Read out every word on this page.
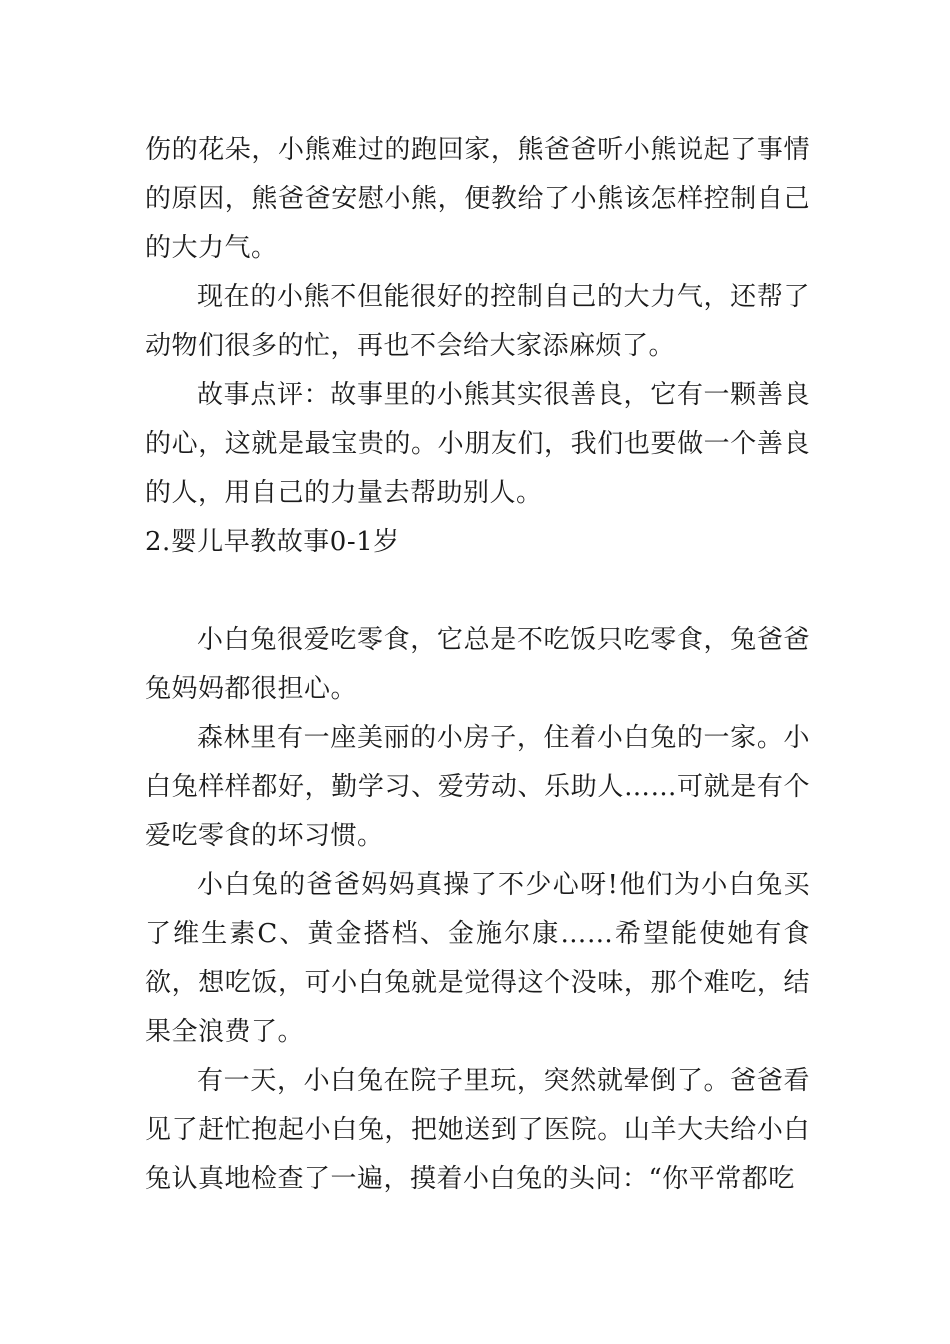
伤的花朵，小熊难过的跑回家，熊爸爸听小熊说起了事情的原因，熊爸爸安慰小熊，便教给了小熊该怎样控制自己的大力气。

现在的小熊不但能很好的控制自己的大力气，还帮了动物们很多的忙，再也不会给大家添麻烦了。

故事点评：故事里的小熊其实很善良，它有一颗善良的心，这就是最宝贵的。小朋友们，我们也要做一个善良的人，用自己的力量去帮助别人。

2.婴儿早教故事0-1岁

小白兔很爱吃零食，它总是不吃饭只吃零食，兔爸爸兔妈妈都很担心。

森林里有一座美丽的小房子，住着小白兔的一家。小白兔样样都好，勤学习、爱劳动、乐助人……可就是有个爱吃零食的坏习惯。

小白兔的爸爸妈妈真操了不少心呀!他们为小白兔买了维生素C、黄金搭档、金施尔康……希望能使她有食欲，想吃饭，可小白兔就是觉得这个没味，那个难吃，结果全浪费了。

有一天，小白兔在院子里玩，突然就晕倒了。爸爸看见了赶忙抱起小白兔，把她送到了医院。山羊大夫给小白兔认真地检查了一遍，摸着小白兔的头问：“你平常都吃
